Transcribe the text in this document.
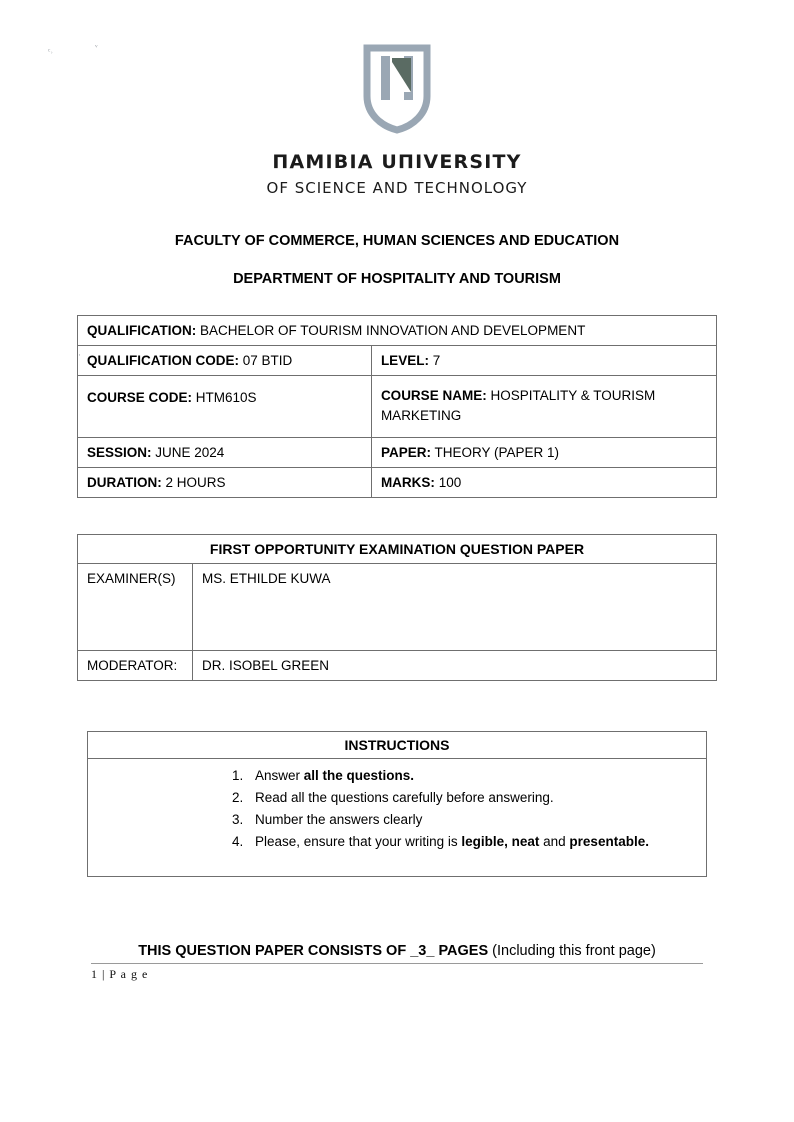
ᶜ˒	ᵛ
·
ΠΑΜΙΒΙΑ UΠIVERSITY
OF SCIENCE AND TECHNOLOGY
FACULTY OF COMMERCE, HUMAN SCIENCES AND EDUCATION
DEPARTMENT OF HOSPITALITY AND TOURISM
QUALIFICATION: BACHELOR OF TOURISM INNOVATION AND DEVELOPMENT	
QUALIFICATION CODE: 07 BTID	LEVEL: 7
COURSE CODE: HTM610S	COURSE NAME: HOSPITALITY & TOURISM MARKETING
SESSION: JUNE 2024	PAPER: THEORY (PAPER 1)
DURATION: 2 HOURS	MARKS: 100
FIRST OPPORTUNITY EXAMINATION QUESTION PAPER	
EXAMINER(S)	MS. ETHILDE KUWA
MODERATOR:	DR. ISOBEL GREEN
INSTRUCTIONS

1. Answer all the questions.
2. Read all the questions carefully before answering.
3. Number the answers clearly
4. Please, ensure that your writing is legible, neat and presentable.
THIS QUESTION PAPER CONSISTS OF _3_ PAGES (Including this front page)
1 | P a g e
